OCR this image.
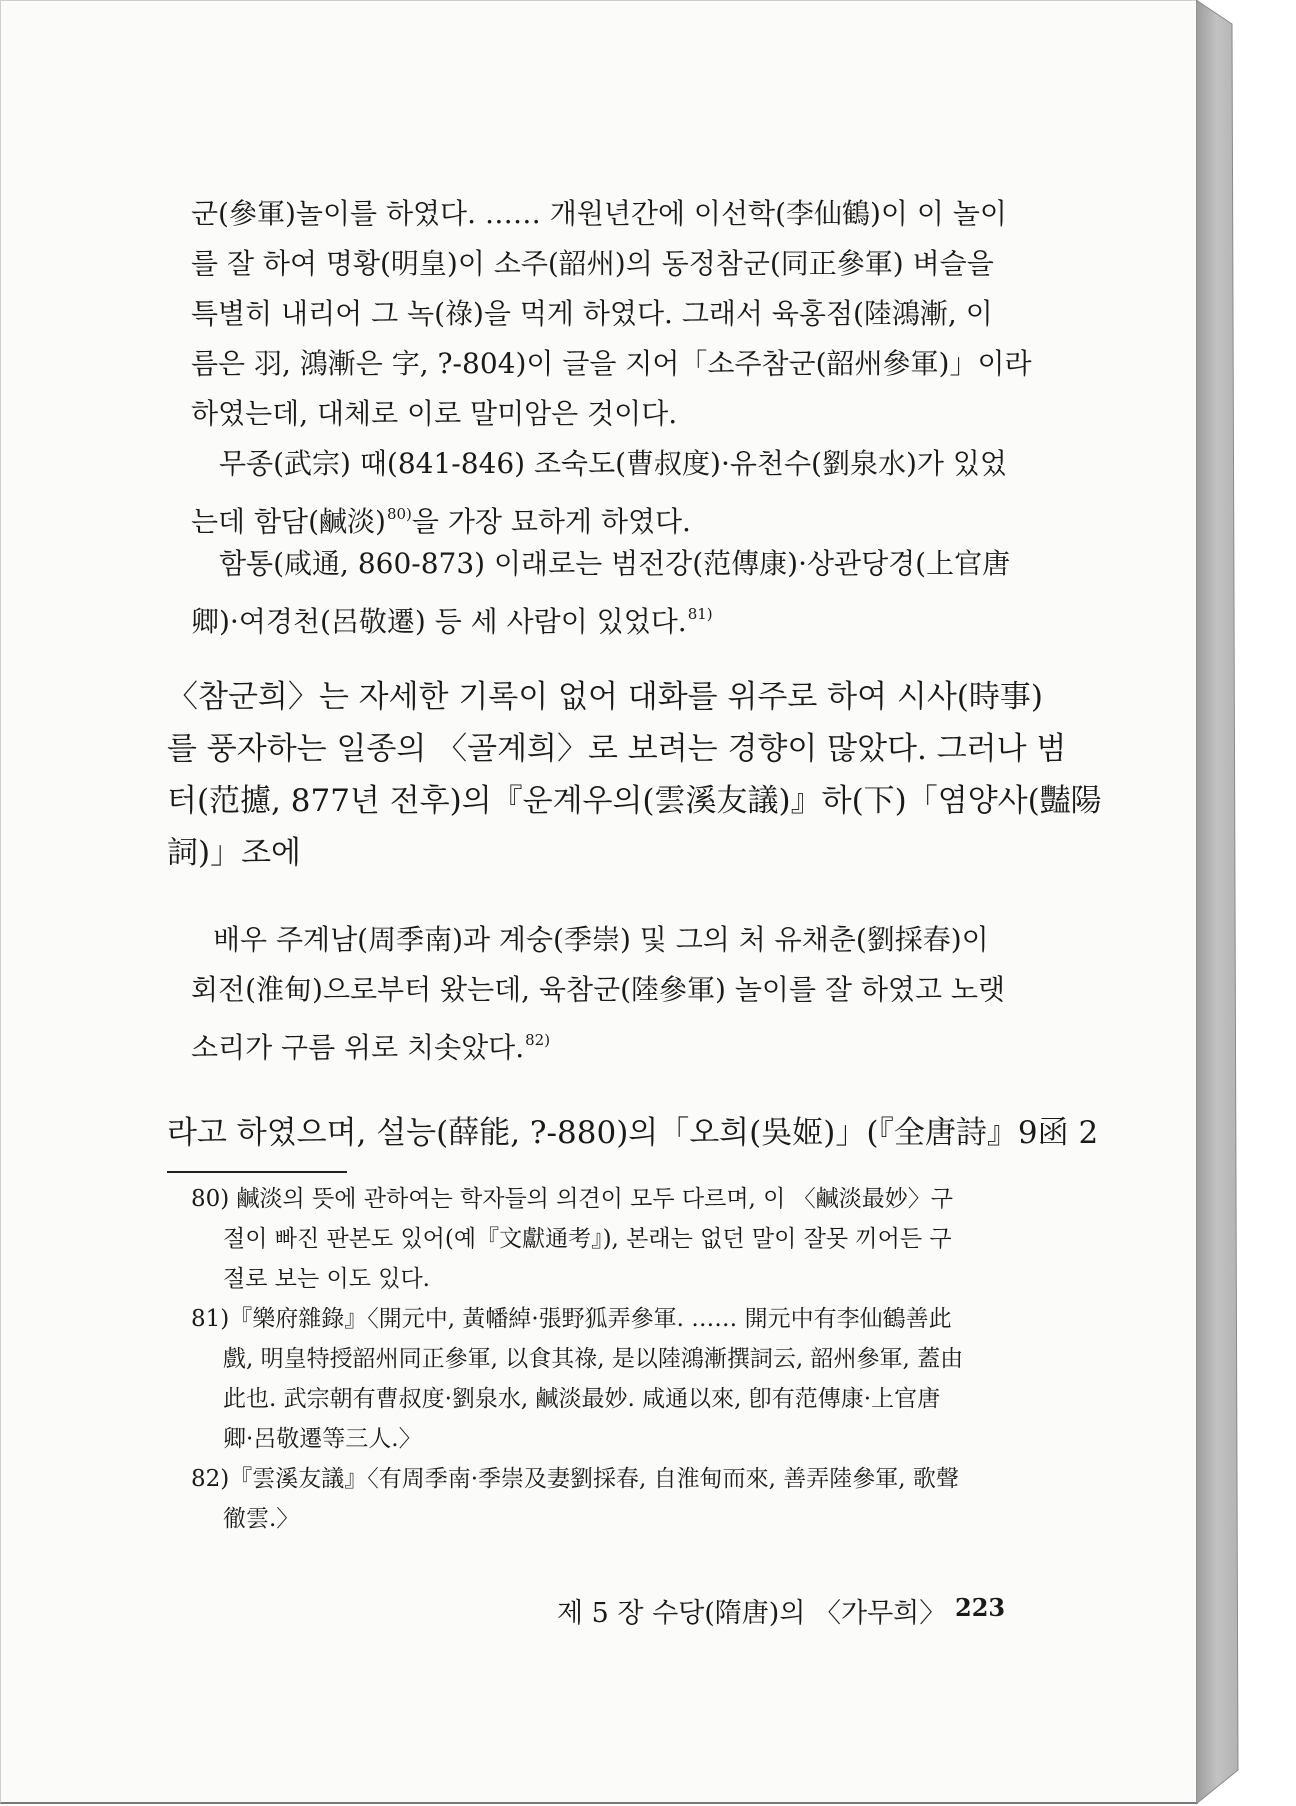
군(參軍)놀이를 하였다. …… 개원년간에 이선학(李仙鶴)이 이 놀이
를 잘 하여 명황(明皇)이 소주(韶州)의 동정참군(同正參軍) 벼슬을
특별히 내리어 그 녹(祿)을 먹게 하였다. 그래서 육홍점(陸鴻漸, 이
름은 羽, 鴻漸은 字, ?-804)이 글을 지어「소주참군(韶州參軍)」이라
하였는데, 대체로 이로 말미암은 것이다.
무종(武宗) 때(841-846) 조숙도(曹叔度)·유천수(劉泉水)가 있었
는데 함담(鹹淡)$^{80)}$을 가장 묘하게 하였다.
함통(咸通, 860-873) 이래로는 범전강(范傳康)·상관당경(上官唐
卿)·여경천(呂敬遷) 등 세 사람이 있었다.$^{81)}$
〈참군희〉는 자세한 기록이 없어 대화를 위주로 하여 시사(時事)
를 풍자하는 일종의 〈골계희〉로 보려는 경향이 많았다. 그러나 범
터(范攄, 877년 전후)의『운계우의(雲溪友議)』하(下)「염양사(豔陽
詞)」조에
배우 주계남(周季南)과 계숭(季崇) 및 그의 처 유채춘(劉採春)이
회전(淮甸)으로부터 왔는데, 육참군(陸參軍) 놀이를 잘 하였고 노랫
소리가 구름 위로 치솟았다.$^{82)}$
라고 하였으며, 설능(薛能, ?-880)의「오희(吳姬)」(『全唐詩』9函 2
80) 鹹淡의 뜻에 관하여는 학자들의 의견이 모두 다르며, 이 〈鹹淡最妙〉구
절이 빠진 판본도 있어(예『文獻通考』), 본래는 없던 말이 잘못 끼어든 구
절로 보는 이도 있다.
81)『樂府雜錄』〈開元中, 黃幡綽·張野狐弄參軍. …… 開元中有李仙鶴善此
戲, 明皇特授韶州同正參軍, 以食其祿, 是以陸鴻漸撰詞云, 韶州參軍, 蓋由
此也. 武宗朝有曹叔度·劉泉水, 鹹淡最妙. 咸通以來, 卽有范傳康·上官唐
卿·呂敬遷等三人.〉
82)『雲溪友議』〈有周季南·季崇及妻劉採春, 自淮甸而來, 善弄陸參軍, 歌聲
徹雲.〉
제 5 장 수당(隋唐)의 〈가무희〉 223
